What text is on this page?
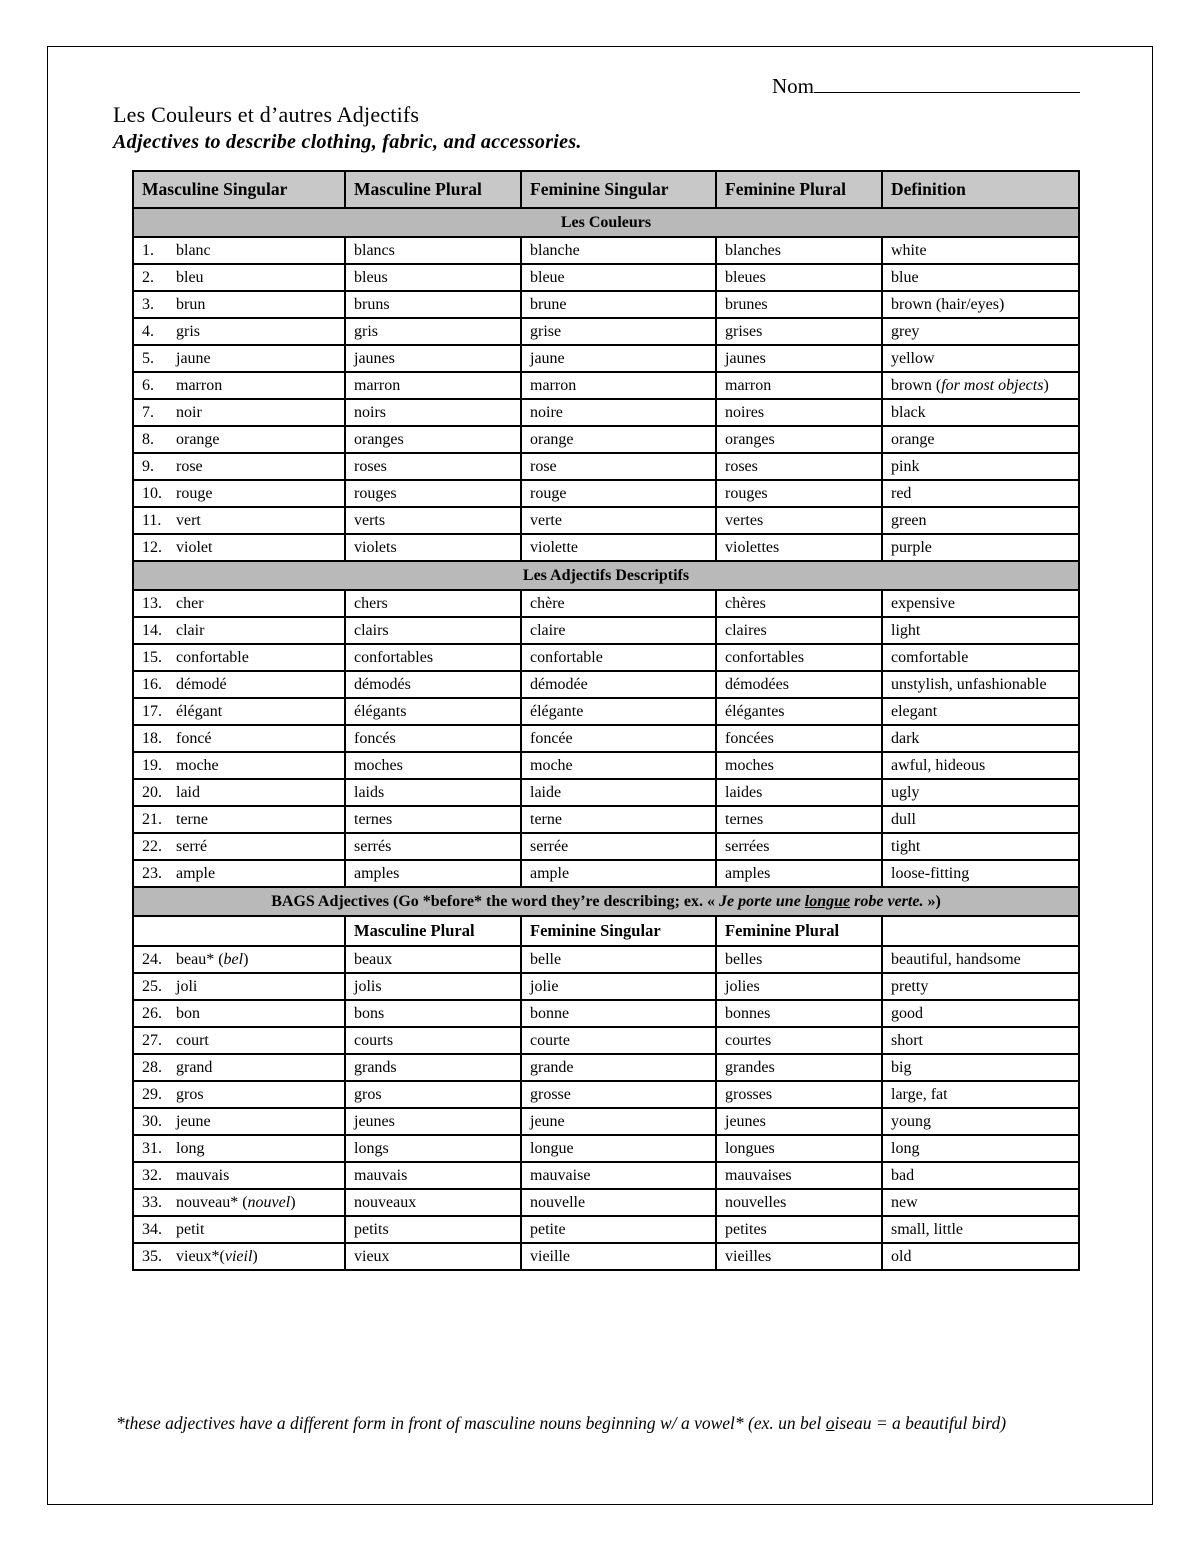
Nom
Les Couleurs et d’autres Adjectifs
Adjectives to describe clothing, fabric, and accessories.
Masculine Singular	Masculine Plural	Feminine Singular	Feminine Plural	Definition
Les Couleurs				
1. blanc	blancs	blanche	blanches	white
2. bleu	bleus	bleue	bleues	blue
3. brun	bruns	brune	brunes	brown (hair/eyes)
4. gris	gris	grise	grises	grey
5. jaune	jaunes	jaune	jaunes	yellow
6. marron	marron	marron	marron	brown (for most objects)
7. noir	noirs	noire	noires	black
8. orange	oranges	orange	oranges	orange
9. rose	roses	rose	roses	pink
10. rouge	rouges	rouge	rouges	red
11. vert	verts	verte	vertes	green
12. violet	violets	violette	violettes	purple
Les Adjectifs Descriptifs				
13. cher	chers	chère	chères	expensive
14. clair	clairs	claire	claires	light
15. confortable	confortables	confortable	confortables	comfortable
16. démodé	démodés	démodée	démodées	unstylish, unfashionable
17. élégant	élégants	élégante	élégantes	elegant
18. foncé	foncés	foncée	foncées	dark
19. moche	moches	moche	moches	awful, hideous
20. laid	laids	laide	laides	ugly
21. terne	ternes	terne	ternes	dull
22. serré	serrés	serrée	serrées	tight
23. ample	amples	ample	amples	loose-fitting
BAGS Adjectives (Go *before* the word they’re describing; ex. « Je porte une longue robe verte. »)				
	Masculine Plural	Feminine Singular	Feminine Plural	
24. beau* (bel)	beaux	belle	belles	beautiful, handsome
25. joli	jolis	jolie	jolies	pretty
26. bon	bons	bonne	bonnes	good
27. court	courts	courte	courtes	short
28. grand	grands	grande	grandes	big
29. gros	gros	grosse	grosses	large, fat
30. jeune	jeunes	jeune	jeunes	young
31. long	longs	longue	longues	long
32. mauvais	mauvais	mauvaise	mauvaises	bad
33. nouveau* (nouvel)	nouveaux	nouvelle	nouvelles	new
34. petit	petits	petite	petites	small, little
35. vieux*(vieil)	vieux	vieille	vieilles	old
*these adjectives have a different form in front of masculine nouns beginning w/ a vowel* (ex. un bel oiseau = a beautiful bird)
